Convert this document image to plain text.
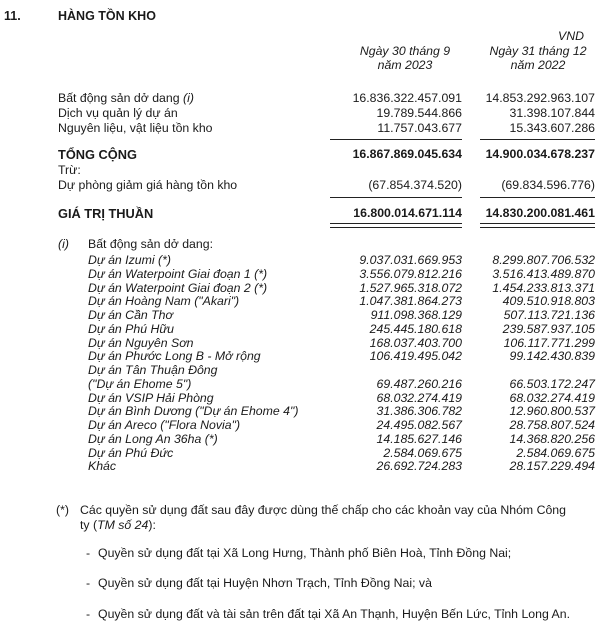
11.	HÀNG TỒN KHO
VND
Ngày 30 tháng 9
năm 2023
Ngày 31 tháng 12
năm 2022
Bất động sản dở dang (i)	16.836.322.457.091	14.853.292.963.107
Dịch vụ quản lý dự án	19.789.544.866	31.398.107.844
Nguyên liệu, vật liệu tồn kho	11.757.043.677	15.343.607.286
TỔNG CỘNG	16.867.869.045.634	14.900.034.678.237
Trừ:
Dự phòng giảm giá hàng tồn kho	(67.854.374.520)	(69.834.596.776)
GIÁ TRỊ THUẦN	16.800.014.671.114	14.830.200.081.461
(i) Bất động sản dở dang:
Dự án Izumi (*)	9.037.031.669.953	8.299.807.706.532
Dự án Waterpoint Giai đoạn 1 (*)	3.556.079.812.216	3.516.413.489.870
Dự án Waterpoint Giai đoạn 2 (*)	1.527.965.318.072	1.454.233.813.371
Dự án Hoàng Nam ("Akari")	1.047.381.864.273	409.510.918.803
Dự án Cần Thơ	911.098.368.129	507.113.721.136
Dự án Phú Hữu	245.445.180.618	239.587.937.105
Dự án Nguyên Sơn	168.037.403.700	106.117.771.299
Dự án Phước Long B - Mở rộng	106.419.495.042	99.142.430.839
Dự án Tân Thuận Đông
("Dự án Ehome 5")	69.487.260.216	66.503.172.247
Dự án VSIP Hải Phòng	68.032.274.419	68.032.274.419
Dự án Bình Dương ("Dự án Ehome 4")	31.386.306.782	12.960.800.537
Dự án Areco ("Flora Novia")	24.495.082.567	28.758.807.524
Dự án Long An 36ha (*)	14.185.627.146	14.368.820.256
Dự án Phú Đức	2.584.069.675	2.584.069.675
Khác	26.692.724.283	28.157.229.494
(*) Các quyền sử dụng đất sau đây được dùng thế chấp cho các khoản vay của Nhóm Công
ty (TM số 24):
- Quyền sử dụng đất tại Xã Long Hưng, Thành phố Biên Hoà, Tỉnh Đồng Nai;
- Quyền sử dụng đất tại Huyện Nhơn Trạch, Tỉnh Đồng Nai; và
- Quyền sử dụng đất và tài sản trên đất tại Xã An Thạnh, Huyện Bến Lức, Tỉnh Long An.
